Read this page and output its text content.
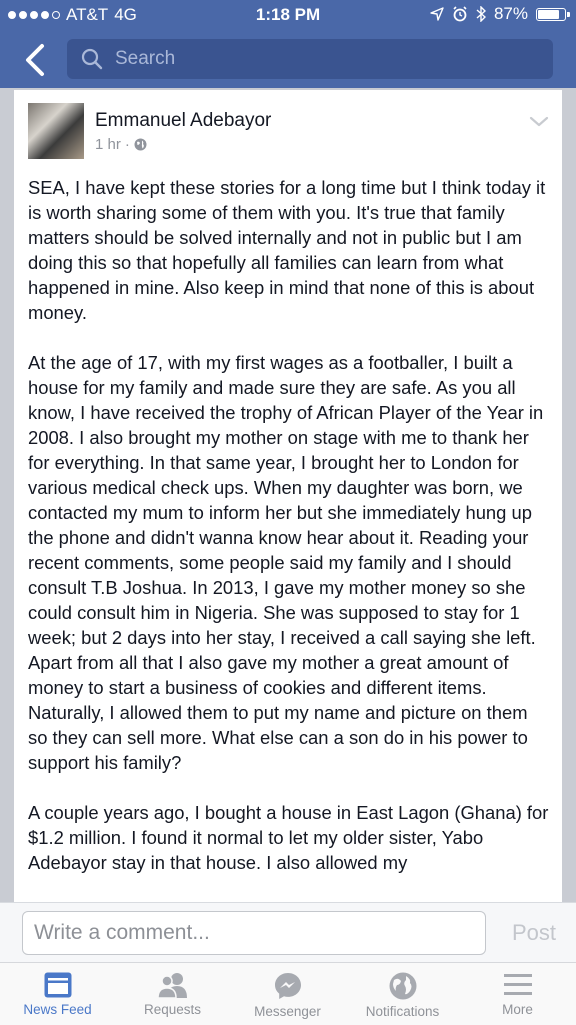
AT&T 4G	1:18 PM	87%
Search
Emmanuel Adebayor
1 hr ·

SEA, I have kept these stories for a long time but I think today it is worth sharing some of them with you. It's true that family matters should be solved internally and not in public but I am doing this so that hopefully all families can learn from what happened in mine. Also keep in mind that none of this is about money.

At the age of 17, with my first wages as a footballer, I built a house for my family and made sure they are safe. As you all know, I have received the trophy of African Player of the Year in 2008. I also brought my mother on stage with me to thank her for everything. In that same year, I brought her to London for various medical check ups. When my daughter was born, we contacted my mum to inform her but she immediately hung up the phone and didn't wanna know hear about it. Reading your recent comments, some people said my family and I should consult T.B Joshua. In 2013, I gave my mother money so she could consult him in Nigeria. She was supposed to stay for 1 week; but 2 days into her stay, I received a call saying she left. Apart from all that I also gave my mother a great amount of money to start a business of cookies and different items. Naturally, I allowed them to put my name and picture on them so they can sell more. What else can a son do in his power to support his family?

A couple years ago, I bought a house in East Lagon (Ghana) for $1.2 million. I found it normal to let my older sister, Yabo Adebayor stay in that house. I also allowed my

Write a comment...
Post
News Feed	Requests	Messenger	Notifications	More
